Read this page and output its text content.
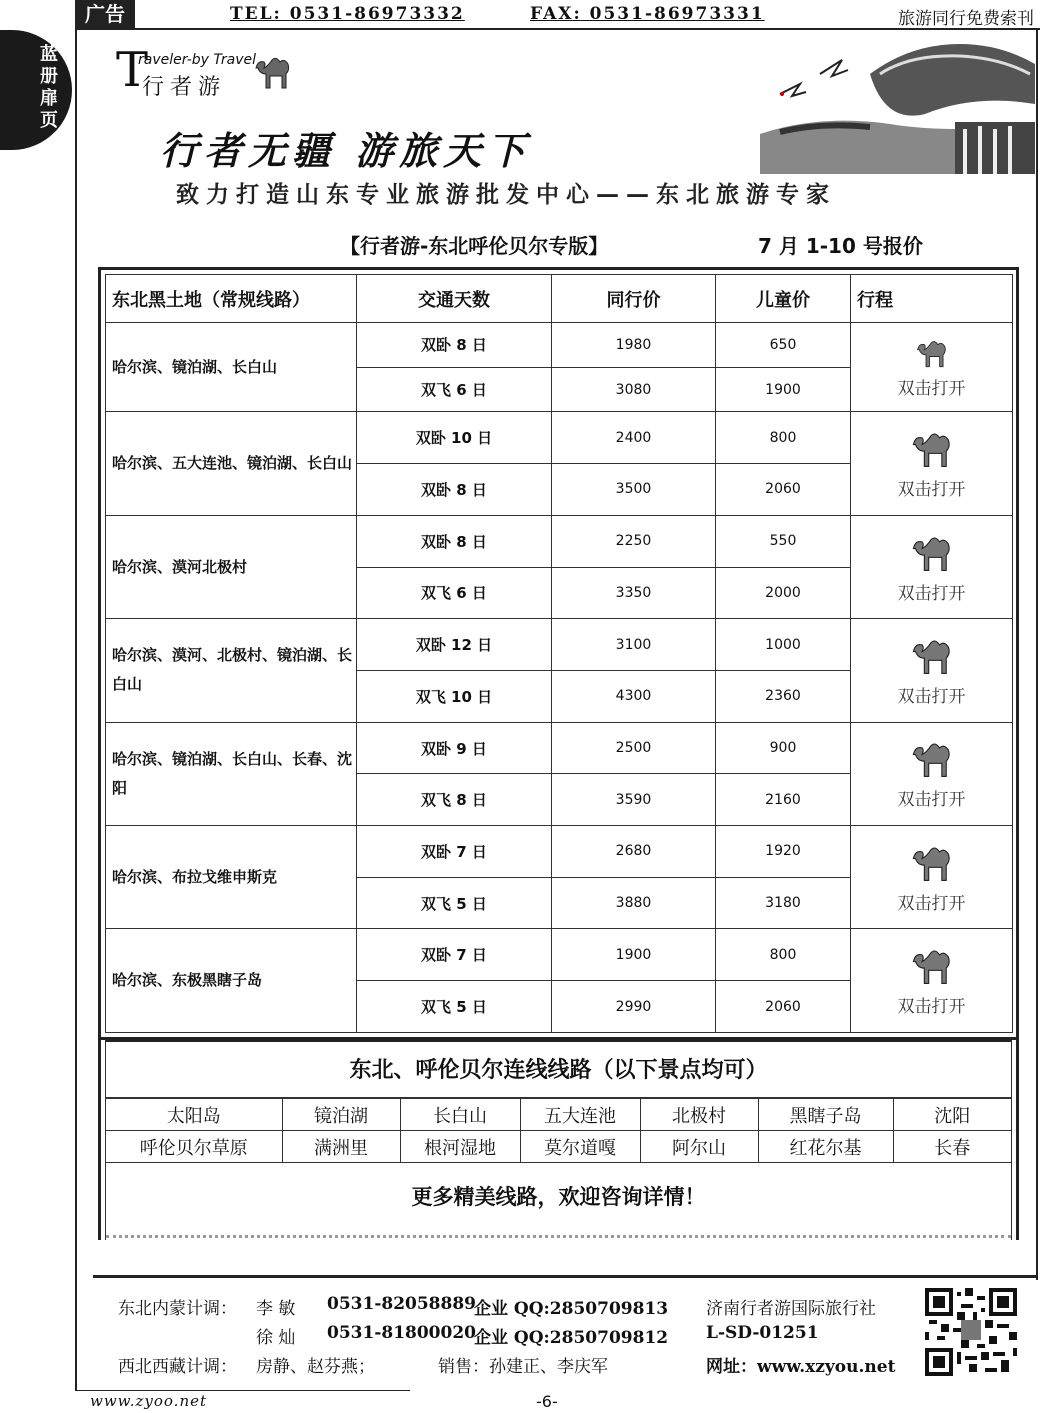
广告	TEL: 0531-86973332	FAX: 0531-86973331	旅游同行免费索刊
蓝册扉页
T
raveler-by Travel
行者游
行者无疆 游旅天下
致力打造山东专业旅游批发中心——东北旅游专家
【行者游-东北呼伦贝尔专版】	7 月 1-10 号报价
东北黑土地（常规线路）	交通天数	同行价	儿童价	行程
哈尔滨、镜泊湖、长白山	双卧 8 日	1980	650	双击打开
	双飞 6 日	3080	1900	
哈尔滨、五大连池、镜泊湖、长白山	双卧 10 日	2400	800	双击打开
	双卧 8 日	3500	2060	
哈尔滨、漠河北极村	双卧 8 日	2250	550	双击打开
	双飞 6 日	3350	2000	
哈尔滨、漠河、北极村、镜泊湖、长白山	双卧 12 日	3100	1000	双击打开
	双飞 10 日	4300	2360	
哈尔滨、镜泊湖、长白山、长春、沈阳	双卧 9 日	2500	900	双击打开
	双飞 8 日	3590	2160	
哈尔滨、布拉戈维申斯克	双卧 7 日	2680	1920	双击打开
	双飞 5 日	3880	3180	
哈尔滨、东极黑瞎子岛	双卧 7 日	1900	800	双击打开
	双飞 5 日	2990	2060	
东北、呼伦贝尔连线线路（以下景点均可）
太阳岛	镜泊湖	长白山	五大连池	北极村	黑瞎子岛	沈阳
呼伦贝尔草原	满洲里	根河湿地	莫尔道嘎	阿尔山	红花尔基	长春
更多精美线路，欢迎咨询详情！
东北内蒙计调： 李 敏 0531-82058889
企业 QQ:2850709813 济南行者游国际旅行社
徐 灿 0531-81800020
企业 QQ:2850709812 L-SD-01251
西北西藏计调： 房静、赵芬燕；	销售：孙建正、李庆军	网址：www.xzyou.net
www.zyoo.net	-6-
